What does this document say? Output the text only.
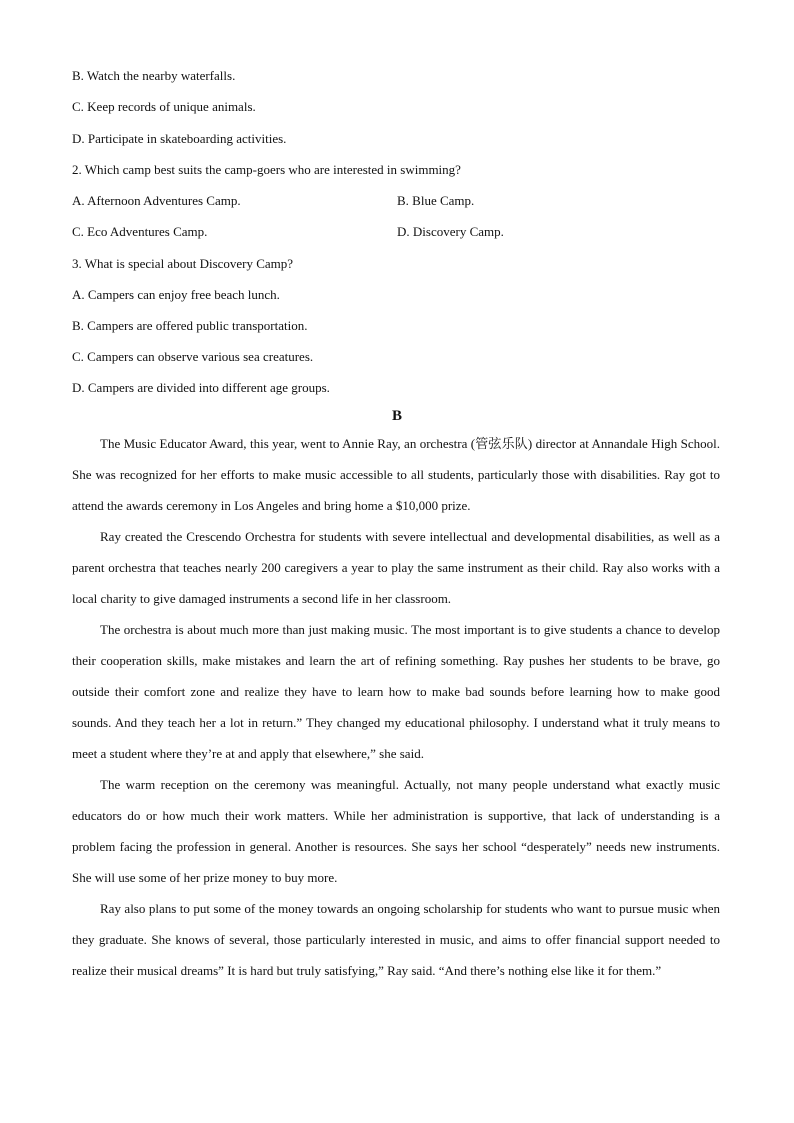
B. Watch the nearby waterfalls.
C. Keep records of unique animals.
D. Participate in skateboarding activities.
2. Which camp best suits the camp-goers who are interested in swimming?
A. Afternoon Adventures Camp.	B. Blue Camp.
C. Eco Adventures Camp.	D. Discovery Camp.
3. What is special about Discovery Camp?
A. Campers can enjoy free beach lunch.
B. Campers are offered public transportation.
C. Campers can observe various sea creatures.
D. Campers are divided into different age groups.
B

The Music Educator Award, this year, went to Annie Ray, an orchestra (管弦乐队) director at Annandale High School. She was recognized for her efforts to make music accessible to all students, particularly those with disabilities. Ray got to attend the awards ceremony in Los Angeles and bring home a $10,000 prize.

Ray created the Crescendo Orchestra for students with severe intellectual and developmental disabilities, as well as a parent orchestra that teaches nearly 200 caregivers a year to play the same instrument as their child. Ray also works with a local charity to give damaged instruments a second life in her classroom.

The orchestra is about much more than just making music. The most important is to give students a chance to develop their cooperation skills, make mistakes and learn the art of refining something. Ray pushes her students to be brave, go outside their comfort zone and realize they have to learn how to make bad sounds before learning how to make good sounds. And they teach her a lot in return.” They changed my educational philosophy. I understand what it truly means to meet a student where they’re at and apply that elsewhere,” she said.

The warm reception on the ceremony was meaningful. Actually, not many people understand what exactly music educators do or how much their work matters. While her administration is supportive, that lack of understanding is a problem facing the profession in general. Another is resources. She says her school “desperately” needs new instruments. She will use some of her prize money to buy more.

Ray also plans to put some of the money towards an ongoing scholarship for students who want to pursue music when they graduate. She knows of several, those particularly interested in music, and aims to offer financial support needed to realize their musical dreams” It is hard but truly satisfying,” Ray said. “And there’s nothing else like it for them.”
